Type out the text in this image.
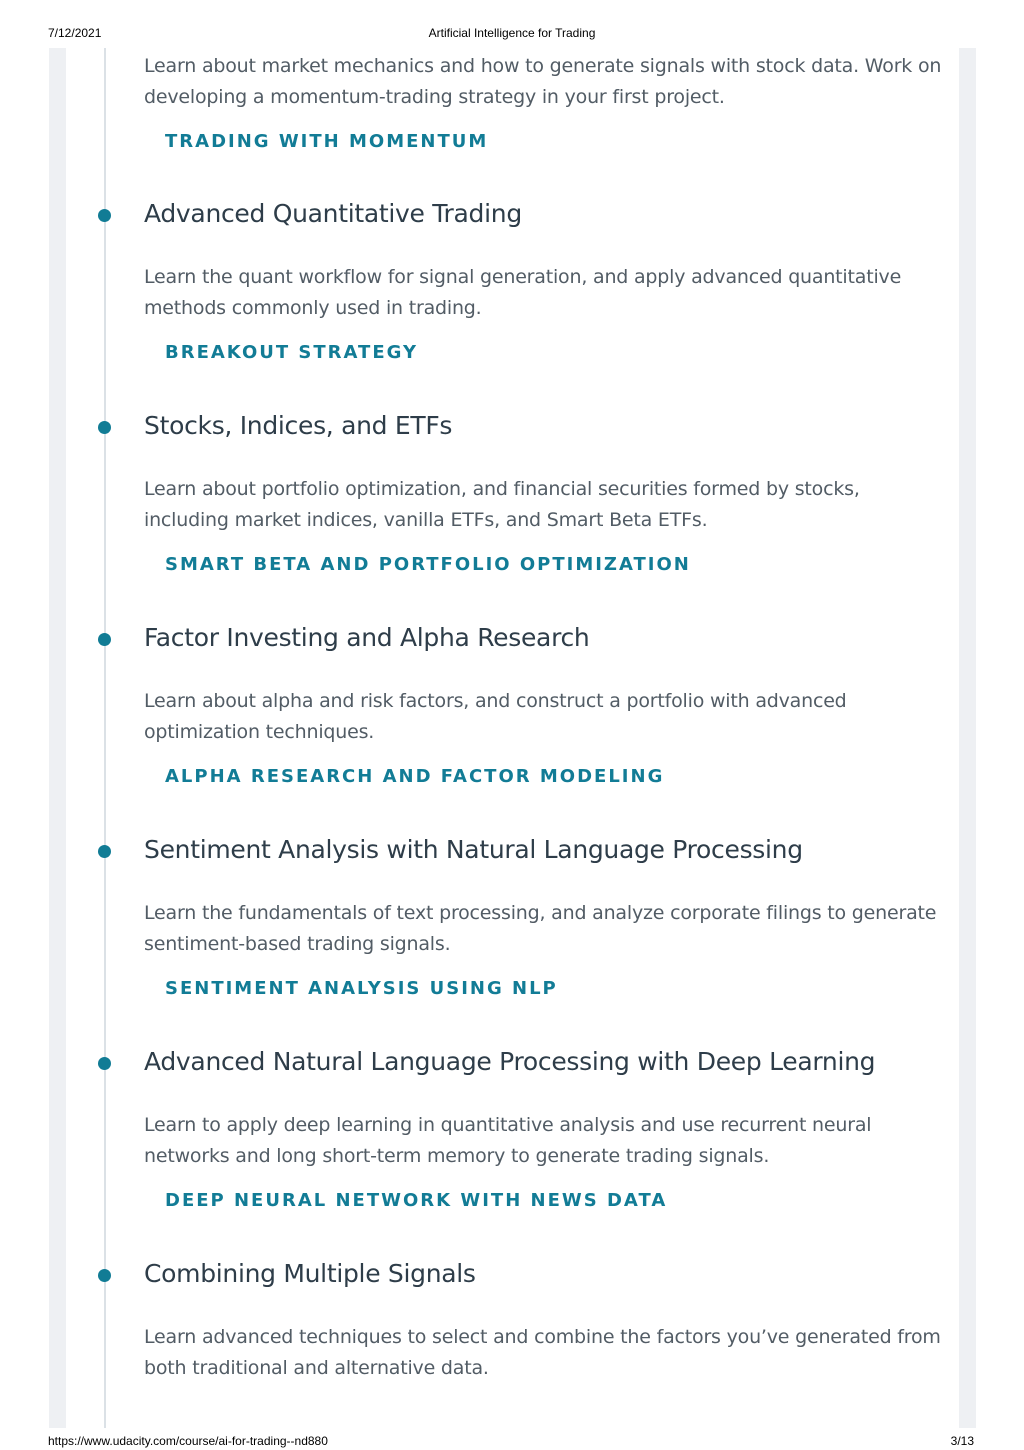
7/12/2021	Artificial Intelligence for Trading

Learn about market mechanics and how to generate signals with stock data. Work on developing a momentum-trading strategy in your first project.

TRADING WITH MOMENTUM
Advanced Quantitative Trading

Learn the quant workflow for signal generation, and apply advanced quantitative methods commonly used in trading.

BREAKOUT STRATEGY
Stocks, Indices, and ETFs

Learn about portfolio optimization, and financial securities formed by stocks, including market indices, vanilla ETFs, and Smart Beta ETFs.

SMART BETA AND PORTFOLIO OPTIMIZATION
Factor Investing and Alpha Research

Learn about alpha and risk factors, and construct a portfolio with advanced optimization techniques.

ALPHA RESEARCH AND FACTOR MODELING
Sentiment Analysis with Natural Language Processing

Learn the fundamentals of text processing, and analyze corporate filings to generate sentiment-based trading signals.

SENTIMENT ANALYSIS USING NLP
Advanced Natural Language Processing with Deep Learning

Learn to apply deep learning in quantitative analysis and use recurrent neural networks and long short-term memory to generate trading signals.

DEEP NEURAL NETWORK WITH NEWS DATA
Combining Multiple Signals

Learn advanced techniques to select and combine the factors you’ve generated from both traditional and alternative data.

https://www.udacity.com/course/ai-for-trading--nd880	3/13
